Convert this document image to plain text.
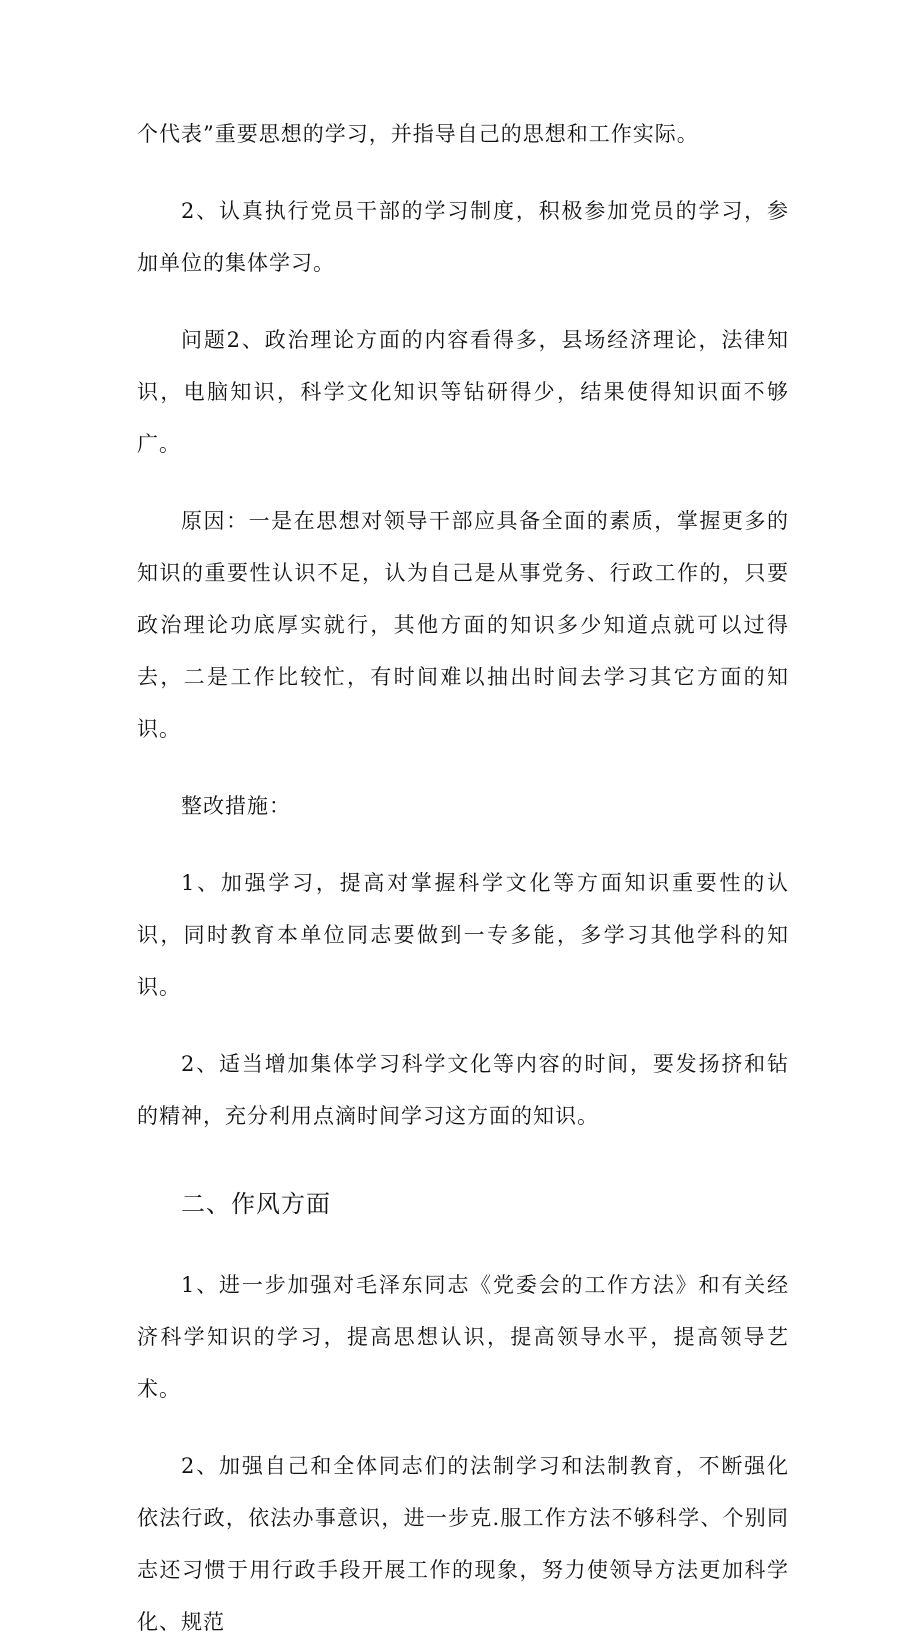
个代表”重要思想的学习，并指导自己的思想和工作实际。

2、认真执行党员干部的学习制度，积极参加党员的学习，参加单位的集体学习。

问题2、政治理论方面的内容看得多，县场经济理论，法律知识，电脑知识，科学文化知识等钻研得少，结果使得知识面不够广。

原因：一是在思想对领导干部应具备全面的素质，掌握更多的知识的重要性认识不足，认为自己是从事党务、行政工作的，只要政治理论功底厚实就行，其他方面的知识多少知道点就可以过得去，二是工作比较忙，有时间难以抽出时间去学习其它方面的知识。

整改措施：

1、加强学习，提高对掌握科学文化等方面知识重要性的认识，同时教育本单位同志要做到一专多能，多学习其他学科的知识。

2、适当增加集体学习科学文化等内容的时间，要发扬挤和钻的精神，充分利用点滴时间学习这方面的知识。

二、作风方面

1、进一步加强对毛泽东同志《党委会的工作方法》和有关经济科学知识的学习，提高思想认识，提高领导水平，提高领导艺术。

2、加强自己和全体同志们的法制学习和法制教育，不断强化依法行政，依法办事意识，进一步克.服工作方法不够科学、个别同志还习惯于用行政手段开展工作的现象，努力使领导方法更加科学化、规范
